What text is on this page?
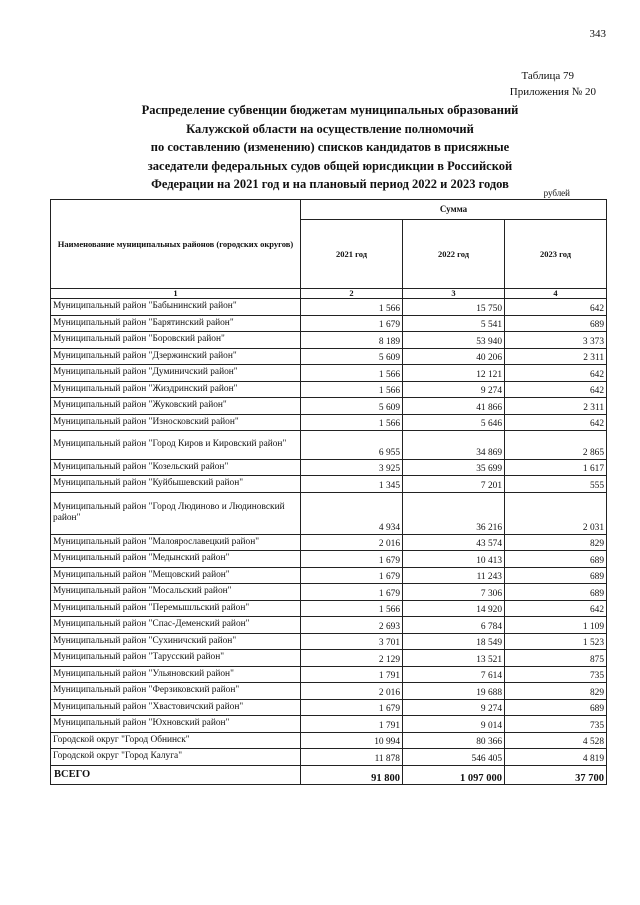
343
Таблица 79
Приложения № 20
Распределение субвенции бюджетам муниципальных образований
Калужской области на осуществление полномочий
по составлению (изменению) списков кандидатов в присяжные
заседатели федеральных судов общей юрисдикции в Российской
Федерации на 2021 год и на плановый период 2022 и 2023 годов
рублей
Наименование муниципальных районов (городских округов)	Сумма		
	2021 год	2022 год	2023 год
1	2	3	4
Муниципальный район "Бабынинский район"	1 566	15 750	642
Муниципальный район "Барятинский район"	1 679	5 541	689
Муниципальный район "Боровский район"	8 189	53 940	3 373
Муниципальный район "Дзержинский район"	5 609	40 206	2 311
Муниципальный район "Думиничский район"	1 566	12 121	642
Муниципальный район "Жиздринский район"	1 566	9 274	642
Муниципальный район "Жуковский район"	5 609	41 866	2 311
Муниципальный район "Износковский район"	1 566	5 646	642
Муниципальный район "Город Киров и Кировский район"	6 955	34 869	2 865
Муниципальный район "Козельский район"	3 925	35 699	1 617
Муниципальный район "Куйбышевский район"	1 345	7 201	555
Муниципальный район "Город Людиново и Людиновский район"	4 934	36 216	2 031
Муниципальный район "Малоярославецкий район"	2 016	43 574	829
Муниципальный район "Медынский район"	1 679	10 413	689
Муниципальный район "Мещовский район"	1 679	11 243	689
Муниципальный район "Мосальский район"	1 679	7 306	689
Муниципальный район "Перемышльский район"	1 566	14 920	642
Муниципальный район "Спас-Деменский район"	2 693	6 784	1 109
Муниципальный район "Сухиничский район"	3 701	18 549	1 523
Муниципальный район "Тарусский район"	2 129	13 521	875
Муниципальный район "Ульяновский район"	1 791	7 614	735
Муниципальный район "Ферзиковский район"	2 016	19 688	829
Муниципальный район "Хвастовичский район"	1 679	9 274	689
Муниципальный район "Юхновский район"	1 791	9 014	735
Городской округ "Город Обнинск"	10 994	80 366	4 528
Городской округ "Город Калуга"	11 878	546 405	4 819
ВСЕГО	91 800	1 097 000	37 700
